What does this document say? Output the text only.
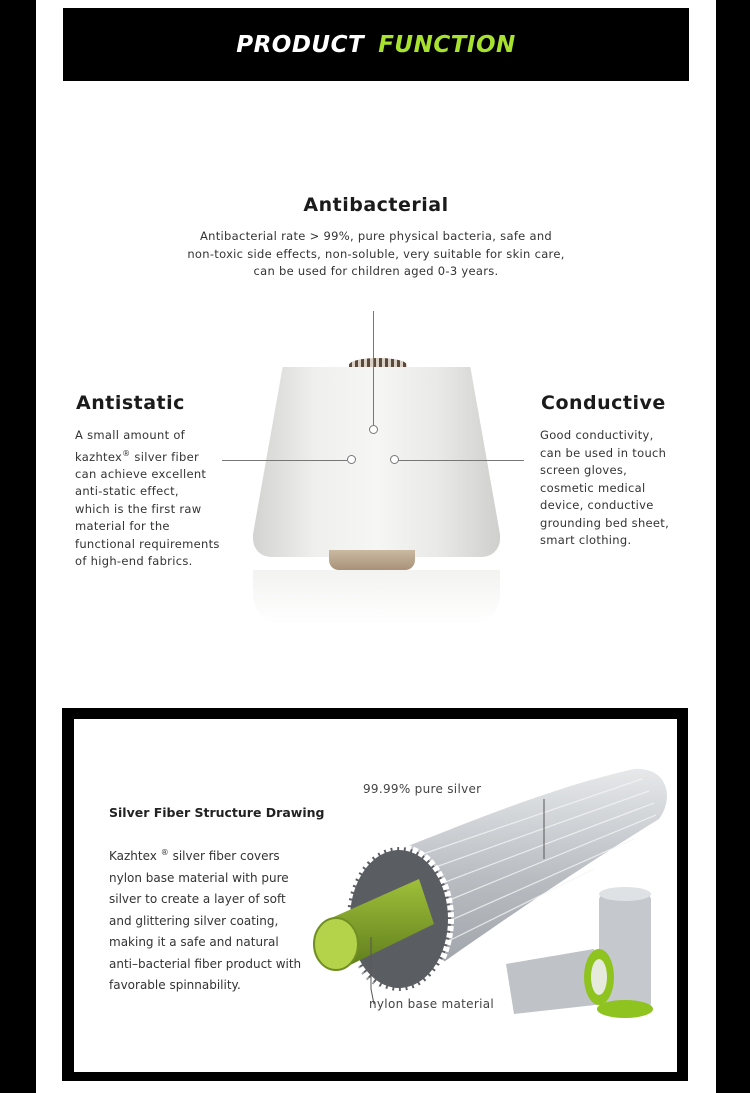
PRODUCT FUNCTION
Antibacterial
Antibacterial rate > 99%, pure physical bacteria, safe and
non-toxic side effects, non-soluble, very suitable for skin care,
can be used for children aged 0-3 years.
Antistatic
A small amount of
kazhtex® silver fiber
can achieve excellent
anti-static effect,
which is the first raw
material for the
functional requirements
of high-end fabrics.
Conductive
Good conductivity,
can be used in touch
screen gloves,
cosmetic medical
device, conductive
grounding bed sheet,
smart clothing.
Silver Fiber Structure Drawing
Kazhtex ® silver fiber covers nylon base material with pure silver to create a layer of soft and glittering silver coating, making it a safe and natural anti–bacterial fiber product with favorable spinnability.
99.99% pure silver
nylon base material
